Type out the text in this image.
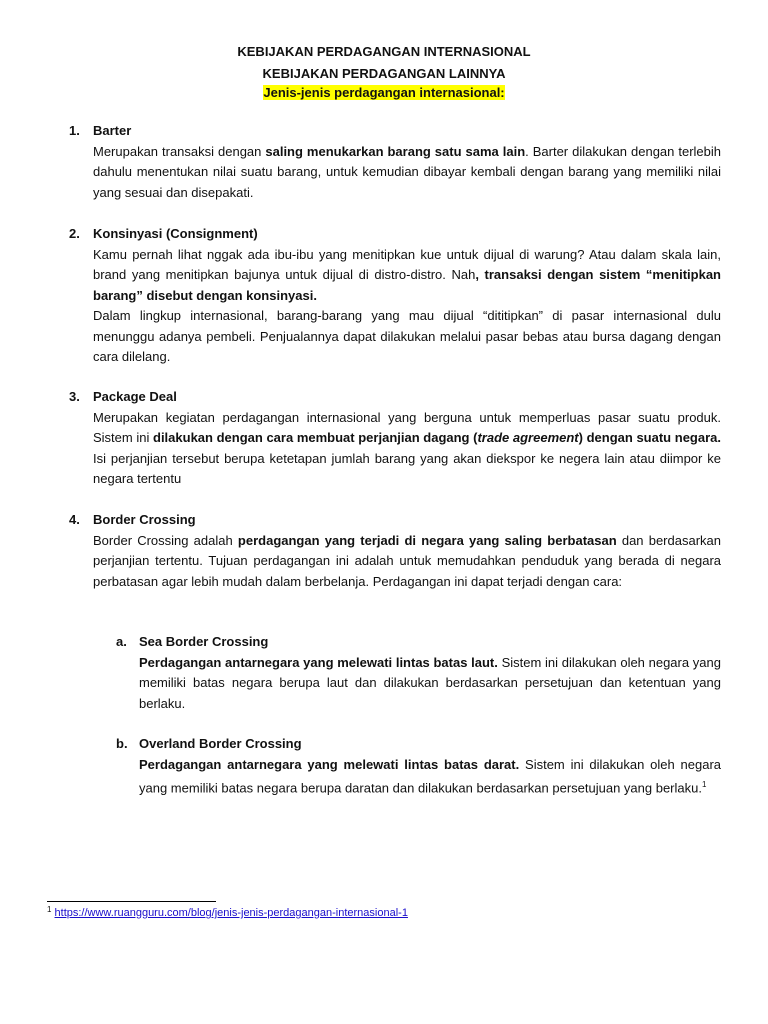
KEBIJAKAN PERDAGANGAN INTERNASIONAL
KEBIJAKAN PERDAGANGAN LAINNYA
Jenis-jenis perdagangan internasional:
1. Barter

Merupakan transaksi dengan saling menukarkan barang satu sama lain. Barter dilakukan dengan terlebih dahulu menentukan nilai suatu barang, untuk kemudian dibayar kembali dengan barang yang memiliki nilai yang sesuai dan disepakati.

2. Konsinyasi (Consignment)

Kamu pernah lihat nggak ada ibu-ibu yang menitipkan kue untuk dijual di warung? Atau dalam skala lain, brand yang menitipkan bajunya untuk dijual di distro-distro. Nah, transaksi dengan sistem “menitipkan barang” disebut dengan konsinyasi.

Dalam lingkup internasional, barang-barang yang mau dijual “dititipkan” di pasar internasional dulu menunggu adanya pembeli. Penjualannya dapat dilakukan melalui pasar bebas atau bursa dagang dengan cara dilelang.

3. Package Deal

Merupakan kegiatan perdagangan internasional yang berguna untuk memperluas pasar suatu produk. Sistem ini dilakukan dengan cara membuat perjanjian dagang (trade agreement) dengan suatu negara. Isi perjanjian tersebut berupa ketetapan jumlah barang yang akan diekspor ke negera lain atau diimpor ke negara tertentu

4. Border Crossing

Border Crossing adalah perdagangan yang terjadi di negara yang saling berbatasan dan berdasarkan perjanjian tertentu. Tujuan perdagangan ini adalah untuk memudahkan penduduk yang berada di negara perbatasan agar lebih mudah dalam berbelanja. Perdagangan ini dapat terjadi dengan cara:

a. Sea Border Crossing

Perdagangan antarnegara yang melewati lintas batas laut. Sistem ini dilakukan oleh negara yang memiliki batas negara berupa laut dan dilakukan berdasarkan persetujuan dan ketentuan yang berlaku.

b. Overland Border Crossing

Perdagangan antarnegara yang melewati lintas batas darat. Sistem ini dilakukan oleh negara yang memiliki batas negara berupa daratan dan dilakukan berdasarkan persetujuan yang berlaku.$^1$

$^1$ https://www.ruangguru.com/blog/jenis-jenis-perdagangan-internasional-1
